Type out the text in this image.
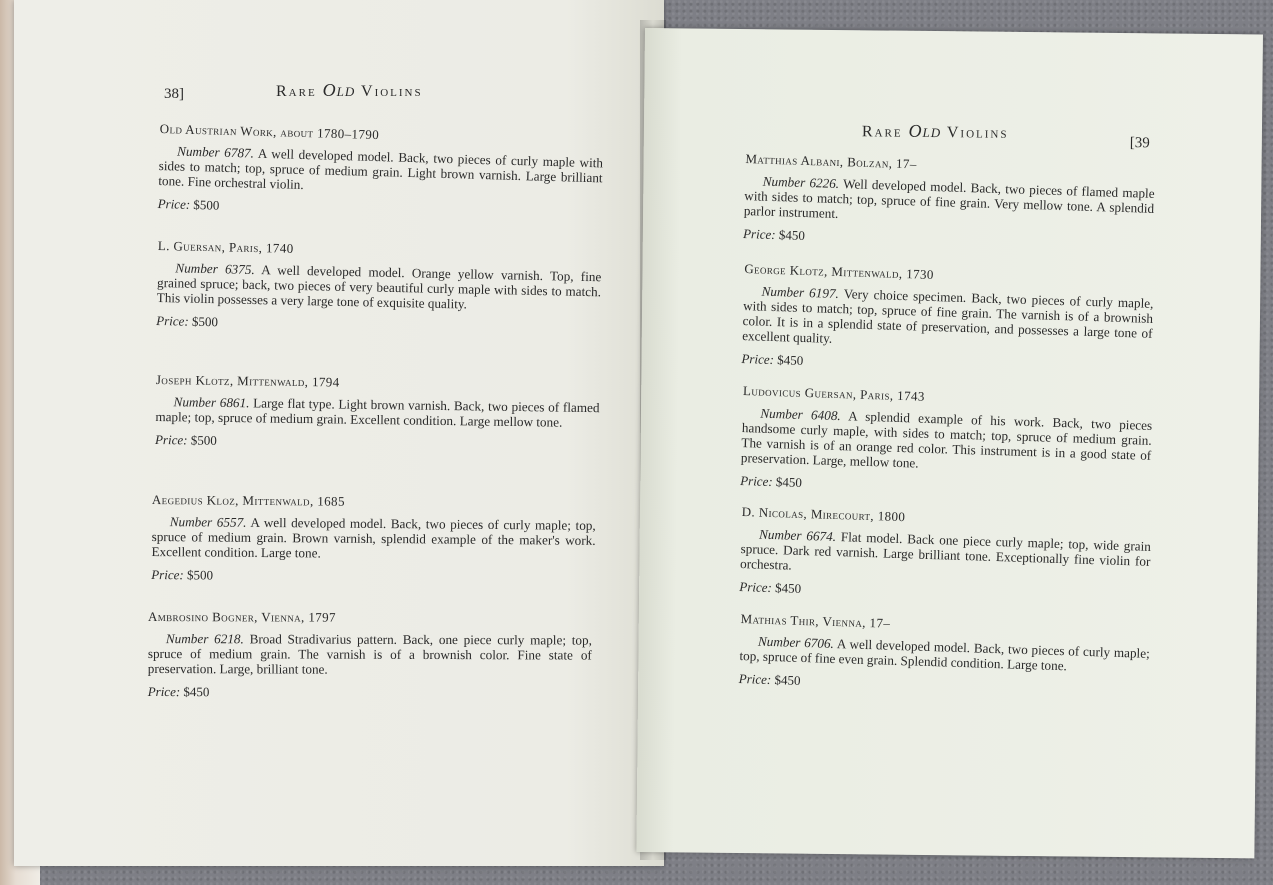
38]	Rare Old Violins
Old Austrian Work, about 1780–1790

Number 6787. A well developed model. Back, two pieces of curly maple with sides to match; top, spruce of medium grain. Light brown varnish. Large brilliant tone. Fine orchestral violin.

Price: $500
L. Guersan, Paris, 1740

Number 6375. A well developed model. Orange yellow varnish. Top, fine grained spruce; back, two pieces of very beautiful curly maple with sides to match. This violin possesses a very large tone of exquisite quality.

Price: $500
Joseph Klotz, Mittenwald, 1794

Number 6861. Large flat type. Light brown varnish. Back, two pieces of flamed maple; top, spruce of medium grain. Excellent condition. Large mellow tone.

Price: $500
Aegedius Kloz, Mittenwald, 1685

Number 6557. A well developed model. Back, two pieces of curly maple; top, spruce of medium grain. Brown varnish, splendid example of the maker's work. Excellent condition. Large tone.

Price: $500
Ambrosino Bogner, Vienna, 1797

Number 6218. Broad Stradivarius pattern. Back, one piece curly maple; top, spruce of medium grain. The varnish is of a brownish color. Fine state of preservation. Large, brilliant tone.

Price: $450
Rare Old Violins
[39
Matthias Albani, Bolzan, 17–

Number 6226. Well developed model. Back, two pieces of flamed maple with sides to match; top, spruce of fine grain. Very mellow tone. A splendid parlor instrument.

Price: $450
George Klotz, Mittenwald, 1730

Number 6197. Very choice specimen. Back, two pieces of curly maple, with sides to match; top, spruce of fine grain. The varnish is of a brownish color. It is in a splendid state of preservation, and possesses a large tone of excellent quality.

Price: $450
Ludovicus Guersan, Paris, 1743

Number 6408. A splendid example of his work. Back, two pieces handsome curly maple, with sides to match; top, spruce of medium grain. The varnish is of an orange red color. This instrument is in a good state of preservation. Large, mellow tone.

Price: $450
D. Nicolas, Mirecourt, 1800

Number 6674. Flat model. Back one piece curly maple; top, wide grain spruce. Dark red varnish. Large brilliant tone. Exceptionally fine violin for orchestra.

Price: $450
Mathias Thir, Vienna, 17–

Number 6706. A well developed model. Back, two pieces of curly maple; top, spruce of fine even grain. Splendid condition. Large tone.

Price: $450
